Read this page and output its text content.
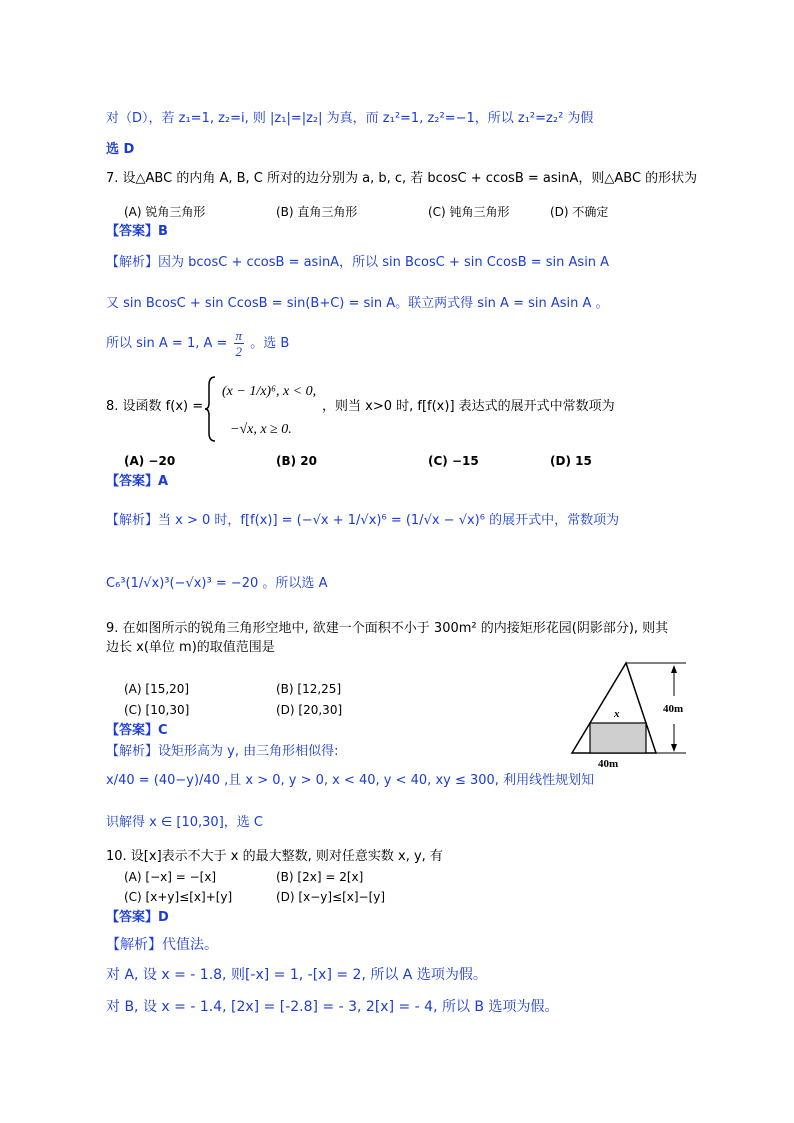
对（D），若 z₁=1, z₂=i, 则 |z₁|=|z₂| 为真，而 z₁²=1, z₂²=−1，所以 z₁²=z₂² 为假
选 D
7. 设△ABC 的内角 A, B, C 所对的边分别为 a, b, c, 若 bcosC + ccosB = asinA，则△ABC 的形状为
(A) 锐角三角形	(B) 直角三角形	(C) 钝角三角形	(D) 不确定
【答案】B
【解析】因为 bcosC + ccosB = asinA，所以 sin BcosC + sin CcosB = sin Asin A
又 sin BcosC + sin CcosB = sin(B+C) = sin A。联立两式得 sin A = sin Asin A 。
所以 sin A = 1, $A = \frac{\pi}{2}$ 。选 B
8. 设函数 f(x) =
(x − 1/x)⁶, x < 0,
−√x, x ≥ 0.
，则当 x>0 时, f[f(x)] 表达式的展开式中常数项为
(A) −20	(B) 20	(C) −15	(D) 15
【答案】A
【解析】当 x > 0 时，f[f(x)] = (−√x + 1/√x)⁶ = (1/√x − √x)⁶ 的展开式中，常数项为
C₆³(1/√x)³(−√x)³ = −20 。所以选 A
9. 在如图所示的锐角三角形空地中, 欲建一个面积不小于 300m² 的内接矩形花园(阴影部分), 则其
边长 x(单位 m)的取值范围是
(A) [15,20]	(B) [12,25]
(C) [10,30]	(D) [20,30]
【答案】C
【解析】设矩形高为 y, 由三角形相似得:
x/40 = (40−y)/40 ,且 x > 0, y > 0, x < 40, y < 40, xy ≤ 300, 利用线性规划知
识解得 x ∈ [10,30]，选 C
x	40m
40m
10. 设[x]表示不大于 x 的最大整数, 则对任意实数 x, y, 有
(A) [−x] = −[x]	(B) [2x] = 2[x]
(C) [x+y]≤[x]+[y]	(D) [x−y]≤[x]−[y]
【答案】D
【解析】代值法。
对 A, 设 x = - 1.8, 则[-x] = 1, -[x] = 2, 所以 A 选项为假。
对 B, 设 x = - 1.4, [2x] = [-2.8] = - 3, 2[x] = - 4, 所以 B 选项为假。
